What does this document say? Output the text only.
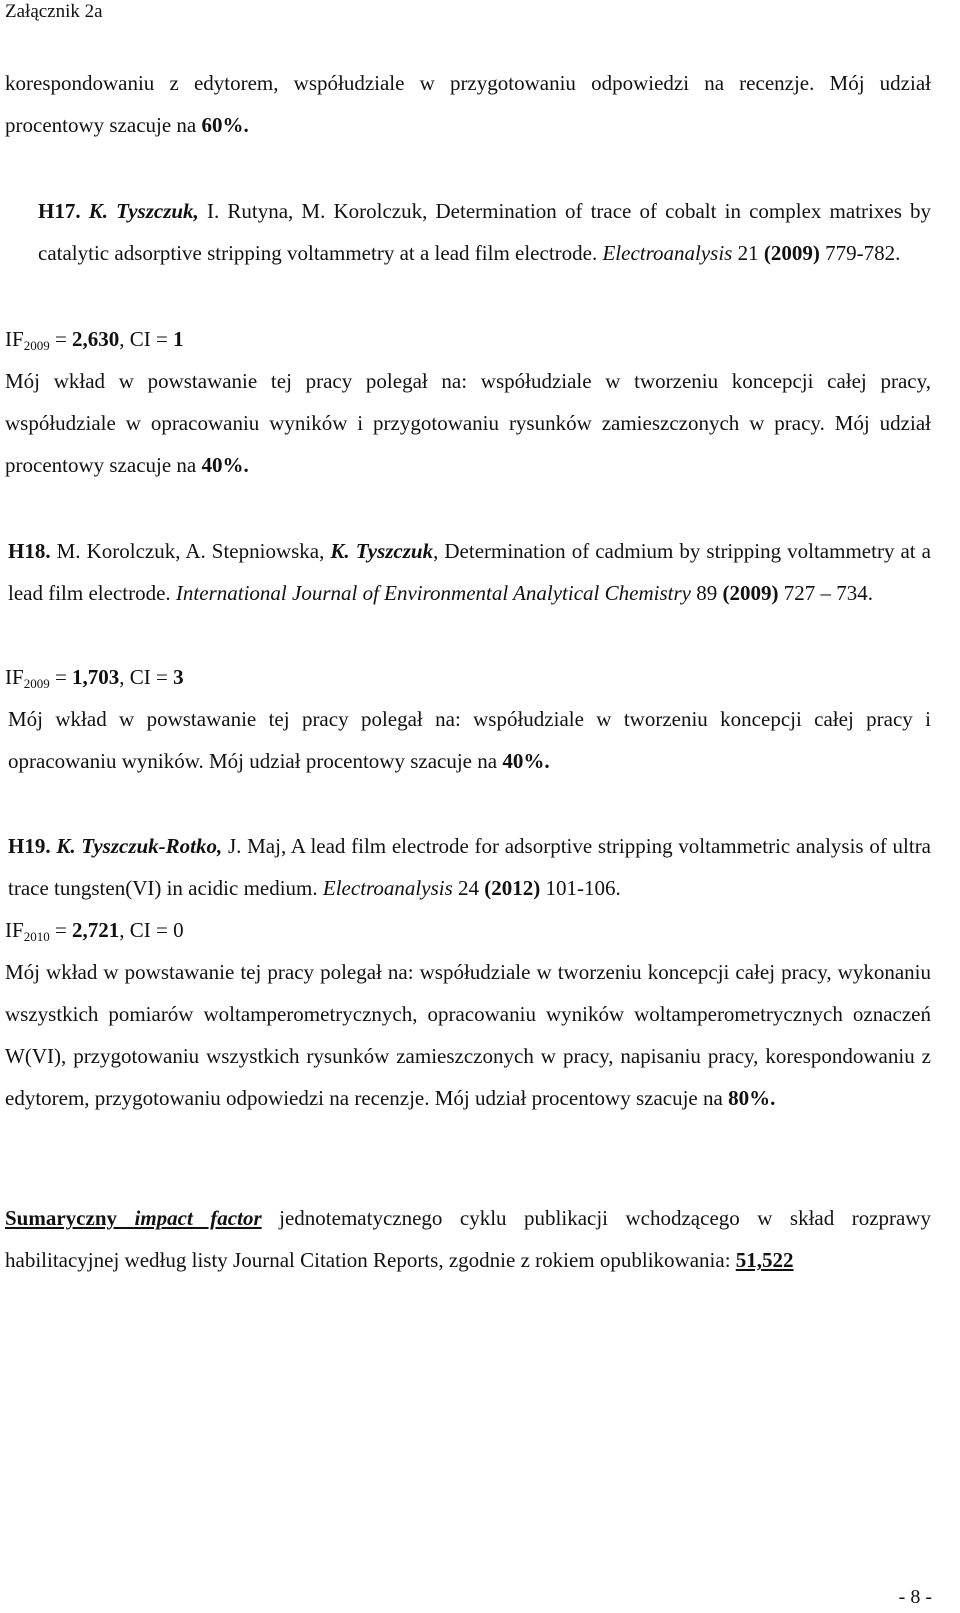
Załącznik 2a
korespondowaniu z edytorem, współudziale w przygotowaniu odpowiedzi na recenzje. Mój udział procentowy szacuje na 60%.
H17. K. Tyszczuk, I. Rutyna, M. Korolczuk, Determination of trace of cobalt in complex matrixes by catalytic adsorptive stripping voltammetry at a lead film electrode. Electroanalysis 21 (2009) 779-782.
$IF_{2009} = 2,630$, CI = 1
Mój wkład w powstawanie tej pracy polegał na: współudziale w tworzeniu koncepcji całej pracy, współudziale w opracowaniu wyników i przygotowaniu rysunków zamieszczonych w pracy. Mój udział procentowy szacuje na 40%.
H18. M. Korolczuk, A. Stepniowska, K. Tyszczuk, Determination of cadmium by stripping voltammetry at a lead film electrode. International Journal of Environmental Analytical Chemistry 89 (2009) 727 – 734.
$IF_{2009} = 1,703$, CI = 3
Mój wkład w powstawanie tej pracy polegał na: współudziale w tworzeniu koncepcji całej pracy i opracowaniu wyników. Mój udział procentowy szacuje na 40%.
H19. K. Tyszczuk-Rotko, J. Maj, A lead film electrode for adsorptive stripping voltammetric analysis of ultra trace tungsten(VI) in acidic medium. Electroanalysis 24 (2012) 101-106.
$IF_{2010} = 2,721$, CI = 0
Mój wkład w powstawanie tej pracy polegał na: współudziale w tworzeniu koncepcji całej pracy, wykonaniu wszystkich pomiarów woltamperometrycznych, opracowaniu wyników woltamperometrycznych oznaczeń W(VI), przygotowaniu wszystkich rysunków zamieszczonych w pracy, napisaniu pracy, korespondowaniu z edytorem, przygotowaniu odpowiedzi na recenzje. Mój udział procentowy szacuje na 80%.
Sumaryczny impact factor jednotematycznego cyklu publikacji wchodzącego w skład rozprawy habilitacyjnej według listy Journal Citation Reports, zgodnie z rokiem opublikowania: 51,522
- 8 -
